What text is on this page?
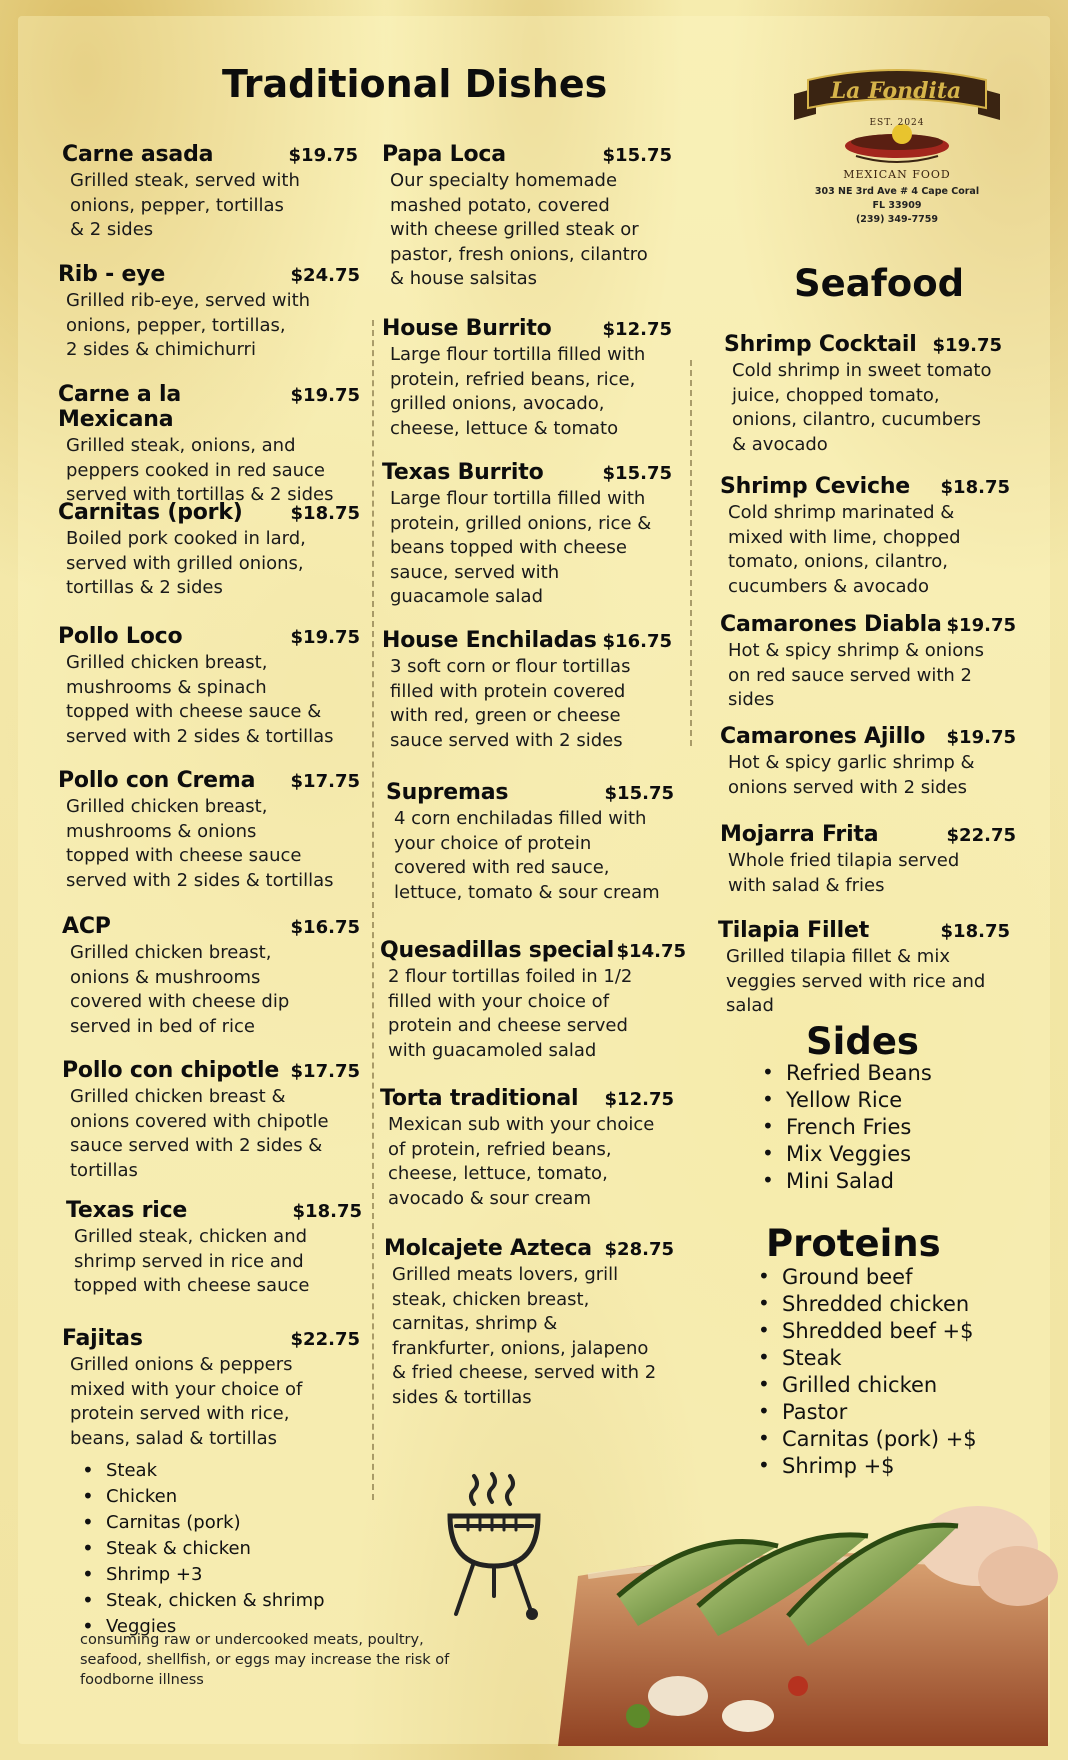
Traditional Dishes	La Fondita
EST. 2024
MEXICAN FOOD
303 NE 3rd Ave # 4 Cape Coral
FL 33909
(239) 349-7759
Carne asada	$19.75
Grilled steak, served with
onions, pepper, tortillas
& 2 sides
Rib - eye	$24.75
Grilled rib-eye, served with
onions, pepper, tortillas,
2 sides & chimichurri
Carne a la Mexicana
$19.75
Grilled steak, onions, and
peppers cooked in red sauce
served with tortillas & 2 sides
Carnitas (pork)	$18.75
Boiled pork cooked in lard,
served with grilled onions,
tortillas & 2 sides
Pollo Loco	$19.75
Grilled chicken breast,
mushrooms & spinach
topped with cheese sauce &
served with 2 sides & tortillas
Pollo con Crema $17.75
Grilled chicken breast,
mushrooms & onions
topped with cheese sauce
served with 2 sides & tortillas
ACP	$16.75
Grilled chicken breast,
onions & mushrooms
covered with cheese dip
served in bed of rice
Pollo con chipotle $17.75
Grilled chicken breast &
onions covered with chipotle
sauce served with 2 sides &
tortillas
Texas rice	$18.75
Grilled steak, chicken and
shrimp served in rice and
topped with cheese sauce
Fajitas	$22.75
Grilled onions & peppers
mixed with your choice of
protein served with rice,
beans, salad & tortillas
• Steak
• Chicken
• Carnitas (pork)
• Steak & chicken
• Shrimp +3
• Steak, chicken & shrimp
• Veggies
consuming raw or undercooked meats, poultry,
seafood, shellfish, or eggs may increase the risk of
foodborne illness
Papa Loca	$15.75
Our specialty homemade
mashed potato, covered
with cheese grilled steak or
pastor, fresh onions, cilantro
& house salsitas
House Burrito	$12.75
Large flour tortilla filled with
protein, refried beans, rice,
grilled onions, avocado,
cheese, lettuce & tomato
Texas Burrito	$15.75
Large flour tortilla filled with
protein, grilled onions, rice &
beans topped with cheese
sauce, served with
guacamole salad
House Enchiladas $16.75
3 soft corn or flour tortillas
filled with protein covered
with red, green or cheese
sauce served with 2 sides
Supremas	$15.75
4 corn enchiladas filled with
your choice of protein
covered with red sauce,
lettuce, tomato & sour cream
Quesadillas special $14.75
2 flour tortillas foiled in 1/2
filled with your choice of
protein and cheese served
with guacamoled salad
Torta traditional $12.75
Mexican sub with your choice
of protein, refried beans,
cheese, lettuce, tomato,
avocado & sour cream
Molcajete Azteca $28.75
Grilled meats lovers, grill
steak, chicken breast,
carnitas, shrimp &
frankfurter, onions, jalapeno
& fried cheese, served with 2
sides & tortillas
Seafood
Shrimp Cocktail $19.75
Cold shrimp in sweet tomato
juice, chopped tomato,
onions, cilantro, cucumbers
& avocado
Shrimp Ceviche $18.75
Cold shrimp marinated &
mixed with lime, chopped
tomato, onions, cilantro,
cucumbers & avocado
Camarones Diabla $19.75
Hot & spicy shrimp & onions
on red sauce served with 2
sides
Camarones Ajillo $19.75
Hot & spicy garlic shrimp &
onions served with 2 sides
Mojarra Frita	$22.75
Whole fried tilapia served
with salad & fries
Tilapia Fillet	$18.75
Grilled tilapia fillet & mix
veggies served with rice and
salad
Sides
• Refried Beans
• Yellow Rice
• French Fries
• Mix Veggies
• Mini Salad
Proteins
• Ground beef
• Shredded chicken
• Shredded beef +$
• Steak
• Grilled chicken
• Pastor
• Carnitas (pork) +$
• Shrimp +$
